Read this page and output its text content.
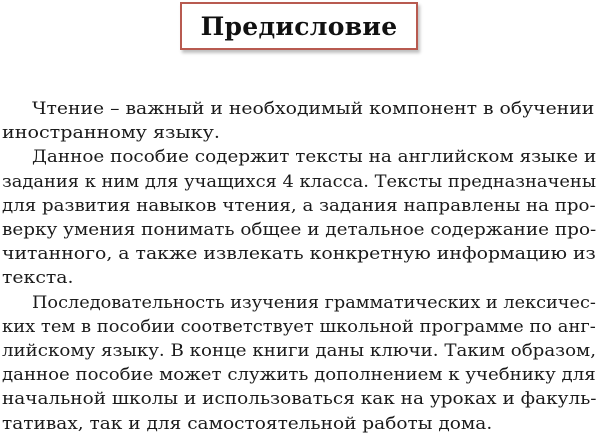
Предисловие
Чтение – важный и необходимый компонент в обучении
иностранному языку.
Данное пособие содержит тексты на английском языке и
задания к ним для учащихся 4 класса. Тексты предназначены
для развития навыков чтения, а задания направлены на про-
верку умения понимать общее и детальное содержание про-
читанного, а также извлекать конкретную информацию из
текста.
Последовательность изучения грамматических и лексичес-
ких тем в пособии соответствует школьной программе по анг-
лийскому языку. В конце книги даны ключи. Таким образом,
данное пособие может служить дополнением к учебнику для
начальной школы и использоваться как на уроках и факуль-
тативах, так и для самостоятельной работы дома.
